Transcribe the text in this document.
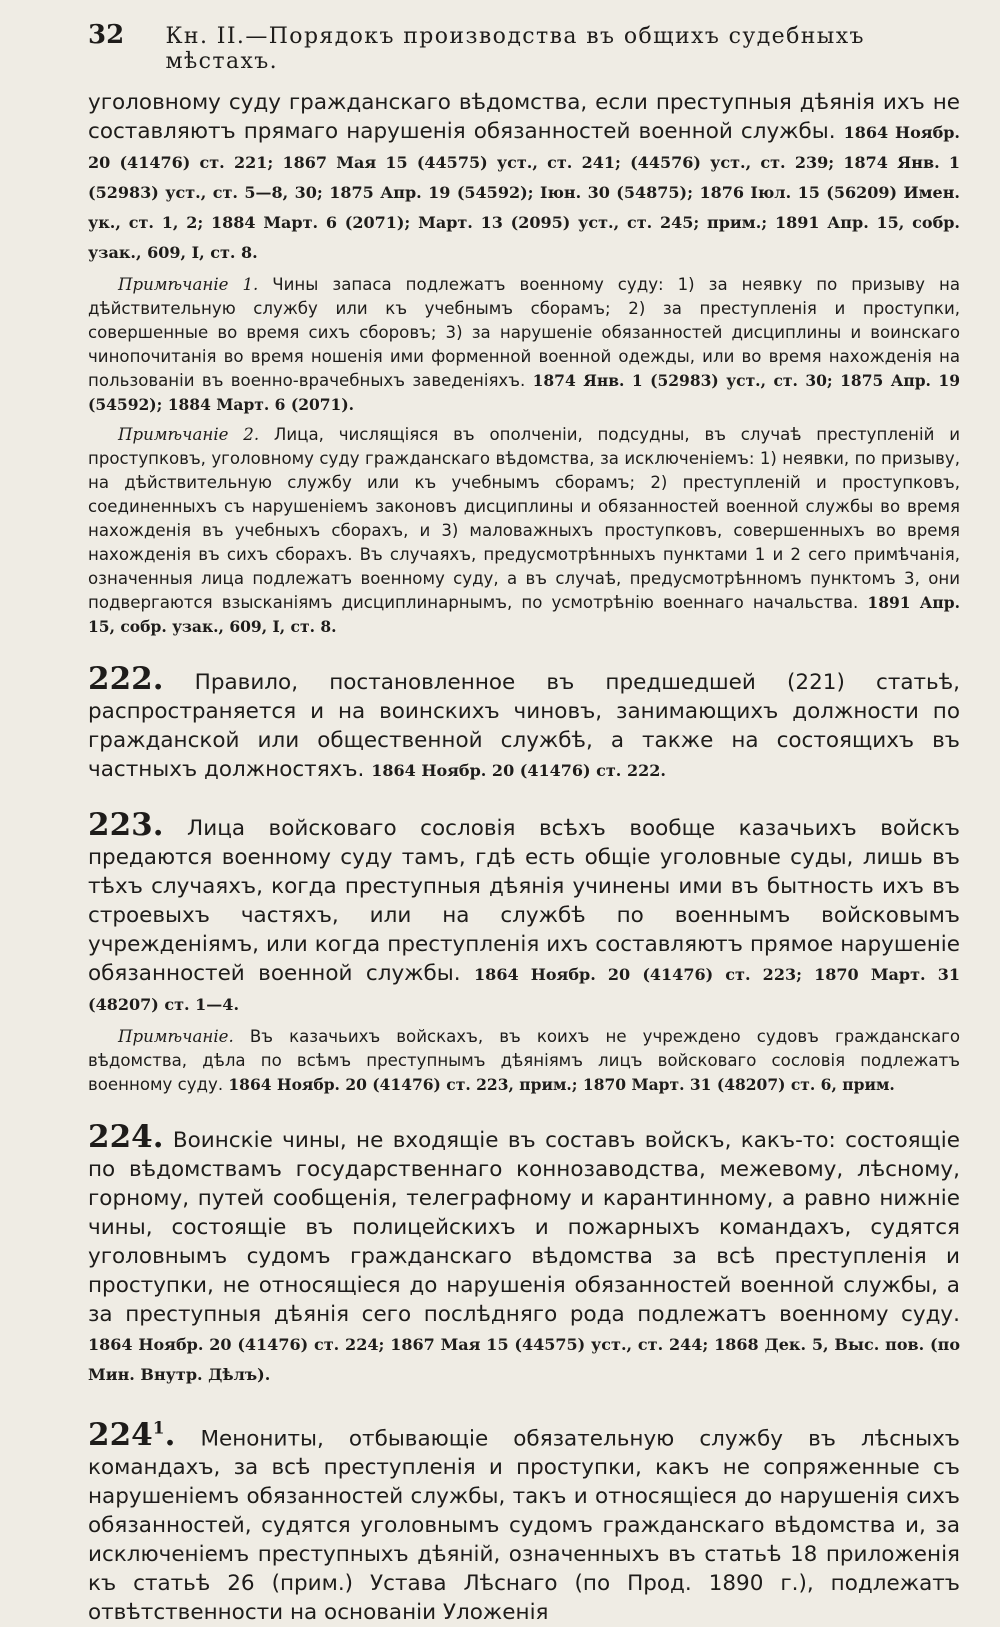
32	Кн. II.—Порядокъ производства въ общихъ судебныхъ мѣстахъ.

уголовному суду гражданскаго вѣдомства, если преступныя дѣянія ихъ не составляютъ прямаго нарушенія обязанностей военной службы. 1864 Ноябр. 20 (41476) ст. 221; 1867 Мая 15 (44575) уст., ст. 241; (44576) уст., ст. 239; 1874 Янв. 1 (52983) уст., ст. 5—8, 30; 1875 Апр. 19 (54592); Іюн. 30 (54875); 1876 Іюл. 15 (56209) Имен. ук., ст. 1, 2; 1884 Март. 6 (2071); Март. 13 (2095) уст., ст. 245; прим.; 1891 Апр. 15, собр. узак., 609, I, ст. 8.

Примѣчаніе 1. Чины запаса подлежатъ военному суду: 1) за неявку по призыву на дѣйствительную службу или къ учебнымъ сборамъ; 2) за преступленія и проступки, совершенные во время сихъ сборовъ; 3) за нарушеніе обязанностей дисциплины и воинскаго чинопочитанія во время ношенія ими форменной военной одежды, или во время нахожденія на пользованіи въ военно-врачебныхъ заведеніяхъ. 1874 Янв. 1 (52983) уст., ст. 30; 1875 Апр. 19 (54592); 1884 Март. 6 (2071).

Примѣчаніе 2. Лица, числящіяся въ ополченіи, подсудны, въ случаѣ преступленій и проступковъ, уголовному суду гражданскаго вѣдомства, за исключеніемъ: 1) неявки, по призыву, на дѣйствительную службу или къ учебнымъ сборамъ; 2) преступленій и проступковъ, соединенныхъ съ нарушеніемъ законовъ дисциплины и обязанностей военной службы во время нахожденія въ учебныхъ сборахъ, и 3) маловажныхъ проступковъ, совершенныхъ во время нахожденія въ сихъ сборахъ. Въ случаяхъ, предусмотрѣнныхъ пунктами 1 и 2 сего примѣчанія, означенныя лица подлежатъ военному суду, а въ случаѣ, предусмотрѣнномъ пунктомъ 3, они подвергаются взысканіямъ дисциплинарнымъ, по усмотрѣнію военнаго начальства. 1891 Апр. 15, собр. узак., 609, I, ст. 8.

222. Правило, постановленное въ предшедшей (221) статьѣ, распространяется и на воинскихъ чиновъ, занимающихъ должности по гражданской или общественной службѣ, а также на состоящихъ въ частныхъ должностяхъ. 1864 Ноябр. 20 (41476) ст. 222.

223. Лица войсковаго сословія всѣхъ вообще казачьихъ войскъ предаются военному суду тамъ, гдѣ есть общіе уголовные суды, лишь въ тѣхъ случаяхъ, когда преступныя дѣянія учинены ими въ бытность ихъ въ строевыхъ частяхъ, или на службѣ по военнымъ войсковымъ учрежденіямъ, или когда преступленія ихъ составляютъ прямое нарушеніе обязанностей военной службы. 1864 Ноябр. 20 (41476) ст. 223; 1870 Март. 31 (48207) ст. 1—4.

Примѣчаніе. Въ казачьихъ войскахъ, въ коихъ не учреждено судовъ гражданскаго вѣдомства, дѣла по всѣмъ преступнымъ дѣяніямъ лицъ войсковаго сословія подлежатъ военному суду. 1864 Ноябр. 20 (41476) ст. 223, прим.; 1870 Март. 31 (48207) ст. 6, прим.

224. Воинскіе чины, не входящіе въ составъ войскъ, какъ-то: состоящіе по вѣдомствамъ государственнаго коннозаводства, межевому, лѣсному, горному, путей сообщенія, телеграфному и карантинному, а равно нижніе чины, состоящіе въ полицейскихъ и пожарныхъ командахъ, судятся уголовнымъ судомъ гражданскаго вѣдомства за всѣ преступленія и проступки, не относящіеся до нарушенія обязанностей военной службы, а за преступныя дѣянія сего послѣдняго рода подлежатъ военному суду. 1864 Ноябр. 20 (41476) ст. 224; 1867 Мая 15 (44575) уст., ст. 244; 1868 Дек. 5, Выс. пов. (по Мин. Внутр. Дѣлъ).

$224^1$. Менониты, отбывающіе обязательную службу въ лѣсныхъ командахъ, за всѣ преступленія и проступки, какъ не сопряженные съ нарушеніемъ обязанностей службы, такъ и относящіеся до нарушенія сихъ обязанностей, судятся уголовнымъ судомъ гражданскаго вѣдомства и, за исключеніемъ преступныхъ дѣяній, означенныхъ въ статьѣ 18 приложенія къ статьѣ 26 (прим.) Устава Лѣснаго (по Прод. 1890 г.), подлежатъ отвѣтственности на основаніи Уложенія
